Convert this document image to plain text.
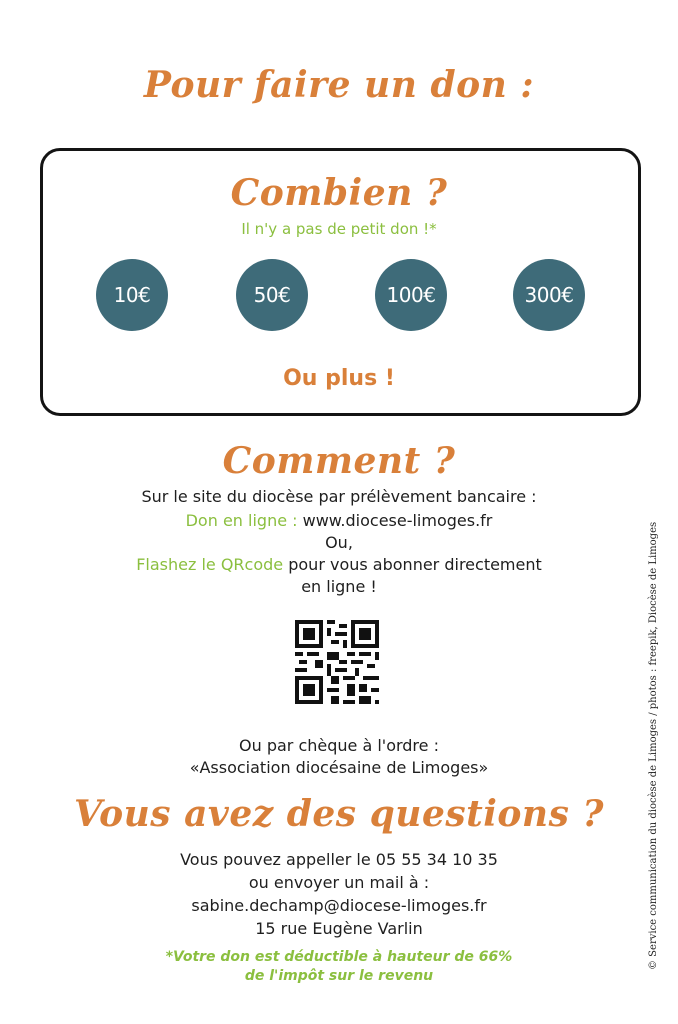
Pour faire un don :
Combien ?
Il n'y a pas de petit don !*
10€	50€	100€	300€
Ou plus !
Comment ?
Sur le site du diocèse par prélèvement bancaire :
Don en ligne : www.diocese-limoges.fr
Ou,
Flashez le QRcode pour vous abonner directement
en ligne !
Ou par chèque à l'ordre :
«Association diocésaine de Limoges»
Vous avez des questions ?
Vous pouvez appeller le 05 55 34 10 35
ou envoyer un mail à :
sabine.dechamp@diocese-limoges.fr
15 rue Eugène Varlin
*Votre don est déductible à hauteur de 66%
de l'impôt sur le revenu
© Service communication du diocèse de Limoges / photos : freepik, Diocèse de Limoges
